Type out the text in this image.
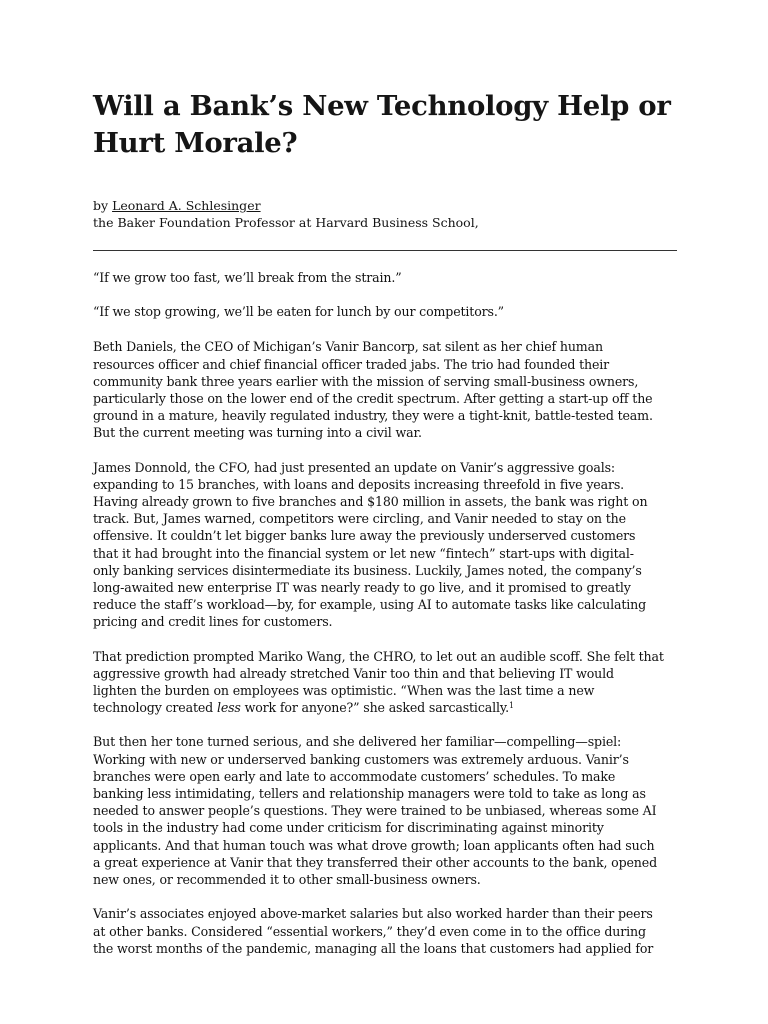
Will a Bank’s New Technology Help or
Hurt Morale?
by Leonard A. Schlesinger
the Baker Foundation Professor at Harvard Business School,

“If we grow too fast, we’ll break from the strain.”

“If we stop growing, we’ll be eaten for lunch by our competitors.”

Beth Daniels, the CEO of Michigan’s Vanir Bancorp, sat silent as her chief human
resources officer and chief financial officer traded jabs. The trio had founded their
community bank three years earlier with the mission of serving small-business owners,
particularly those on the lower end of the credit spectrum. After getting a start-up off the
ground in a mature, heavily regulated industry, they were a tight-knit, battle-tested team.
But the current meeting was turning into a civil war.

James Donnold, the CFO, had just presented an update on Vanir’s aggressive goals:
expanding to 15 branches, with loans and deposits increasing threefold in five years.
Having already grown to five branches and $180 million in assets, the bank was right on
track. But, James warned, competitors were circling, and Vanir needed to stay on the
offensive. It couldn’t let bigger banks lure away the previously underserved customers
that it had brought into the financial system or let new “fintech” start-ups with digital-
only banking services disintermediate its business. Luckily, James noted, the company’s
long-awaited new enterprise IT was nearly ready to go live, and it promised to greatly
reduce the staff’s workload—by, for example, using AI to automate tasks like calculating
pricing and credit lines for customers.

That prediction prompted Mariko Wang, the CHRO, to let out an audible scoff. She felt that
aggressive growth had already stretched Vanir too thin and that believing IT would
lighten the burden on employees was optimistic. “When was the last time a new
technology created less work for anyone?” she asked sarcastically.$^1$

But then her tone turned serious, and she delivered her familiar—compelling—spiel:
Working with new or underserved banking customers was extremely arduous. Vanir’s
branches were open early and late to accommodate customers’ schedules. To make
banking less intimidating, tellers and relationship managers were told to take as long as
needed to answer people’s questions. They were trained to be unbiased, whereas some AI
tools in the industry had come under criticism for discriminating against minority
applicants. And that human touch was what drove growth; loan applicants often had such
a great experience at Vanir that they transferred their other accounts to the bank, opened
new ones, or recommended it to other small-business owners.

Vanir’s associates enjoyed above-market salaries but also worked harder than their peers
at other banks. Considered “essential workers,” they’d even come in to the office during
the worst months of the pandemic, managing all the loans that customers had applied for
